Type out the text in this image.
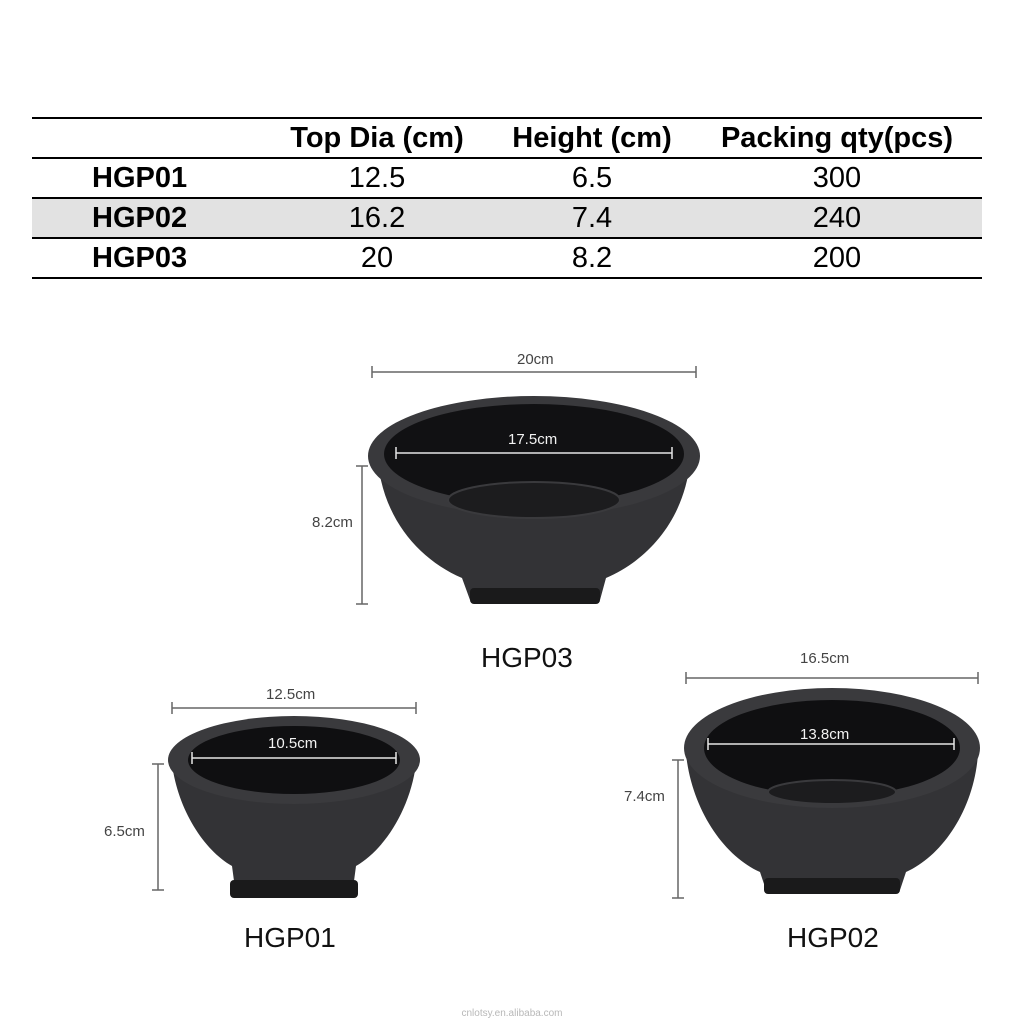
	Top Dia (cm)	Height (cm)	Packing qty(pcs)
HGP01	12.5	6.5	300
HGP02	16.2	7.4	240
HGP03	20	8.2	200
20cm
17.5cm
8.2cm
HGP03
12.5cm
10.5cm
6.5cm
HGP01
16.5cm
13.8cm
7.4cm
HGP02
cnlotsy.en.alibaba.com
